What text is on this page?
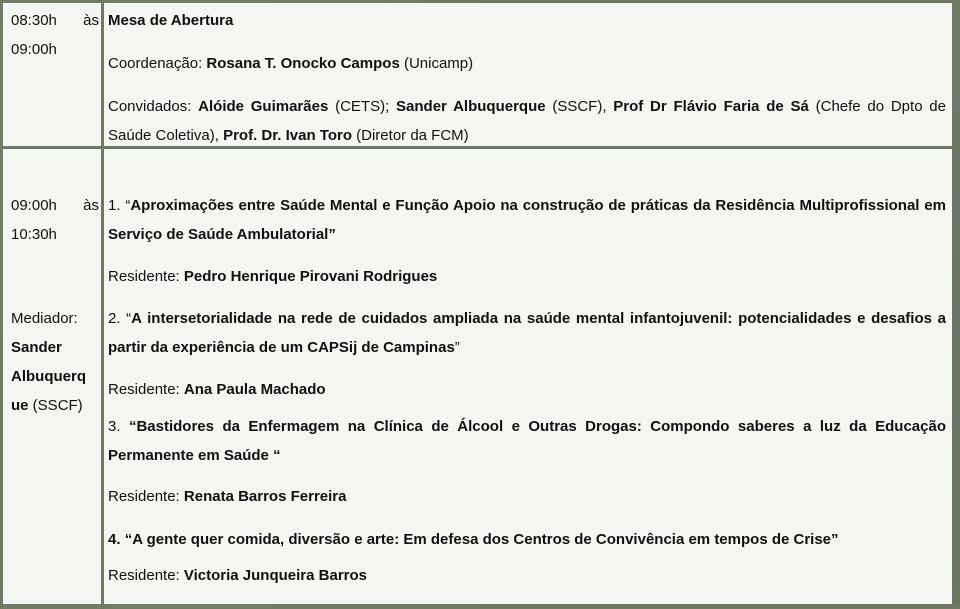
08:30h às
09:00h
Mesa de Abertura
Coordenação: Rosana T. Onocko Campos (Unicamp)
Convidados: Alóide Guimarães (CETS); Sander Albuquerque (SSCF), Prof Dr Flávio Faria de Sá (Chefe do Dpto de Saúde Coletiva), Prof. Dr. Ivan Toro (Diretor da FCM)
09:00h às
10:30h
Mediador:
Sander
Albuquerq
ue (SSCF)
1. “Aproximações entre Saúde Mental e Função Apoio na construção de práticas da Residência Multiprofissional em Serviço de Saúde Ambulatorial”
Residente: Pedro Henrique Pirovani Rodrigues
2. “A intersetorialidade na rede de cuidados ampliada na saúde mental infantojuvenil: potencialidades e desafios a partir da experiência de um CAPSij de Campinas”
Residente: Ana Paula Machado
3. “Bastidores da Enfermagem na Clínica de Álcool e Outras Drogas: Compondo saberes a luz da Educação Permanente em Saúde “
Residente: Renata Barros Ferreira
4. “A gente quer comida, diversão e arte: Em defesa dos Centros de Convivência em tempos de Crise”
Residente: Victoria Junqueira Barros
